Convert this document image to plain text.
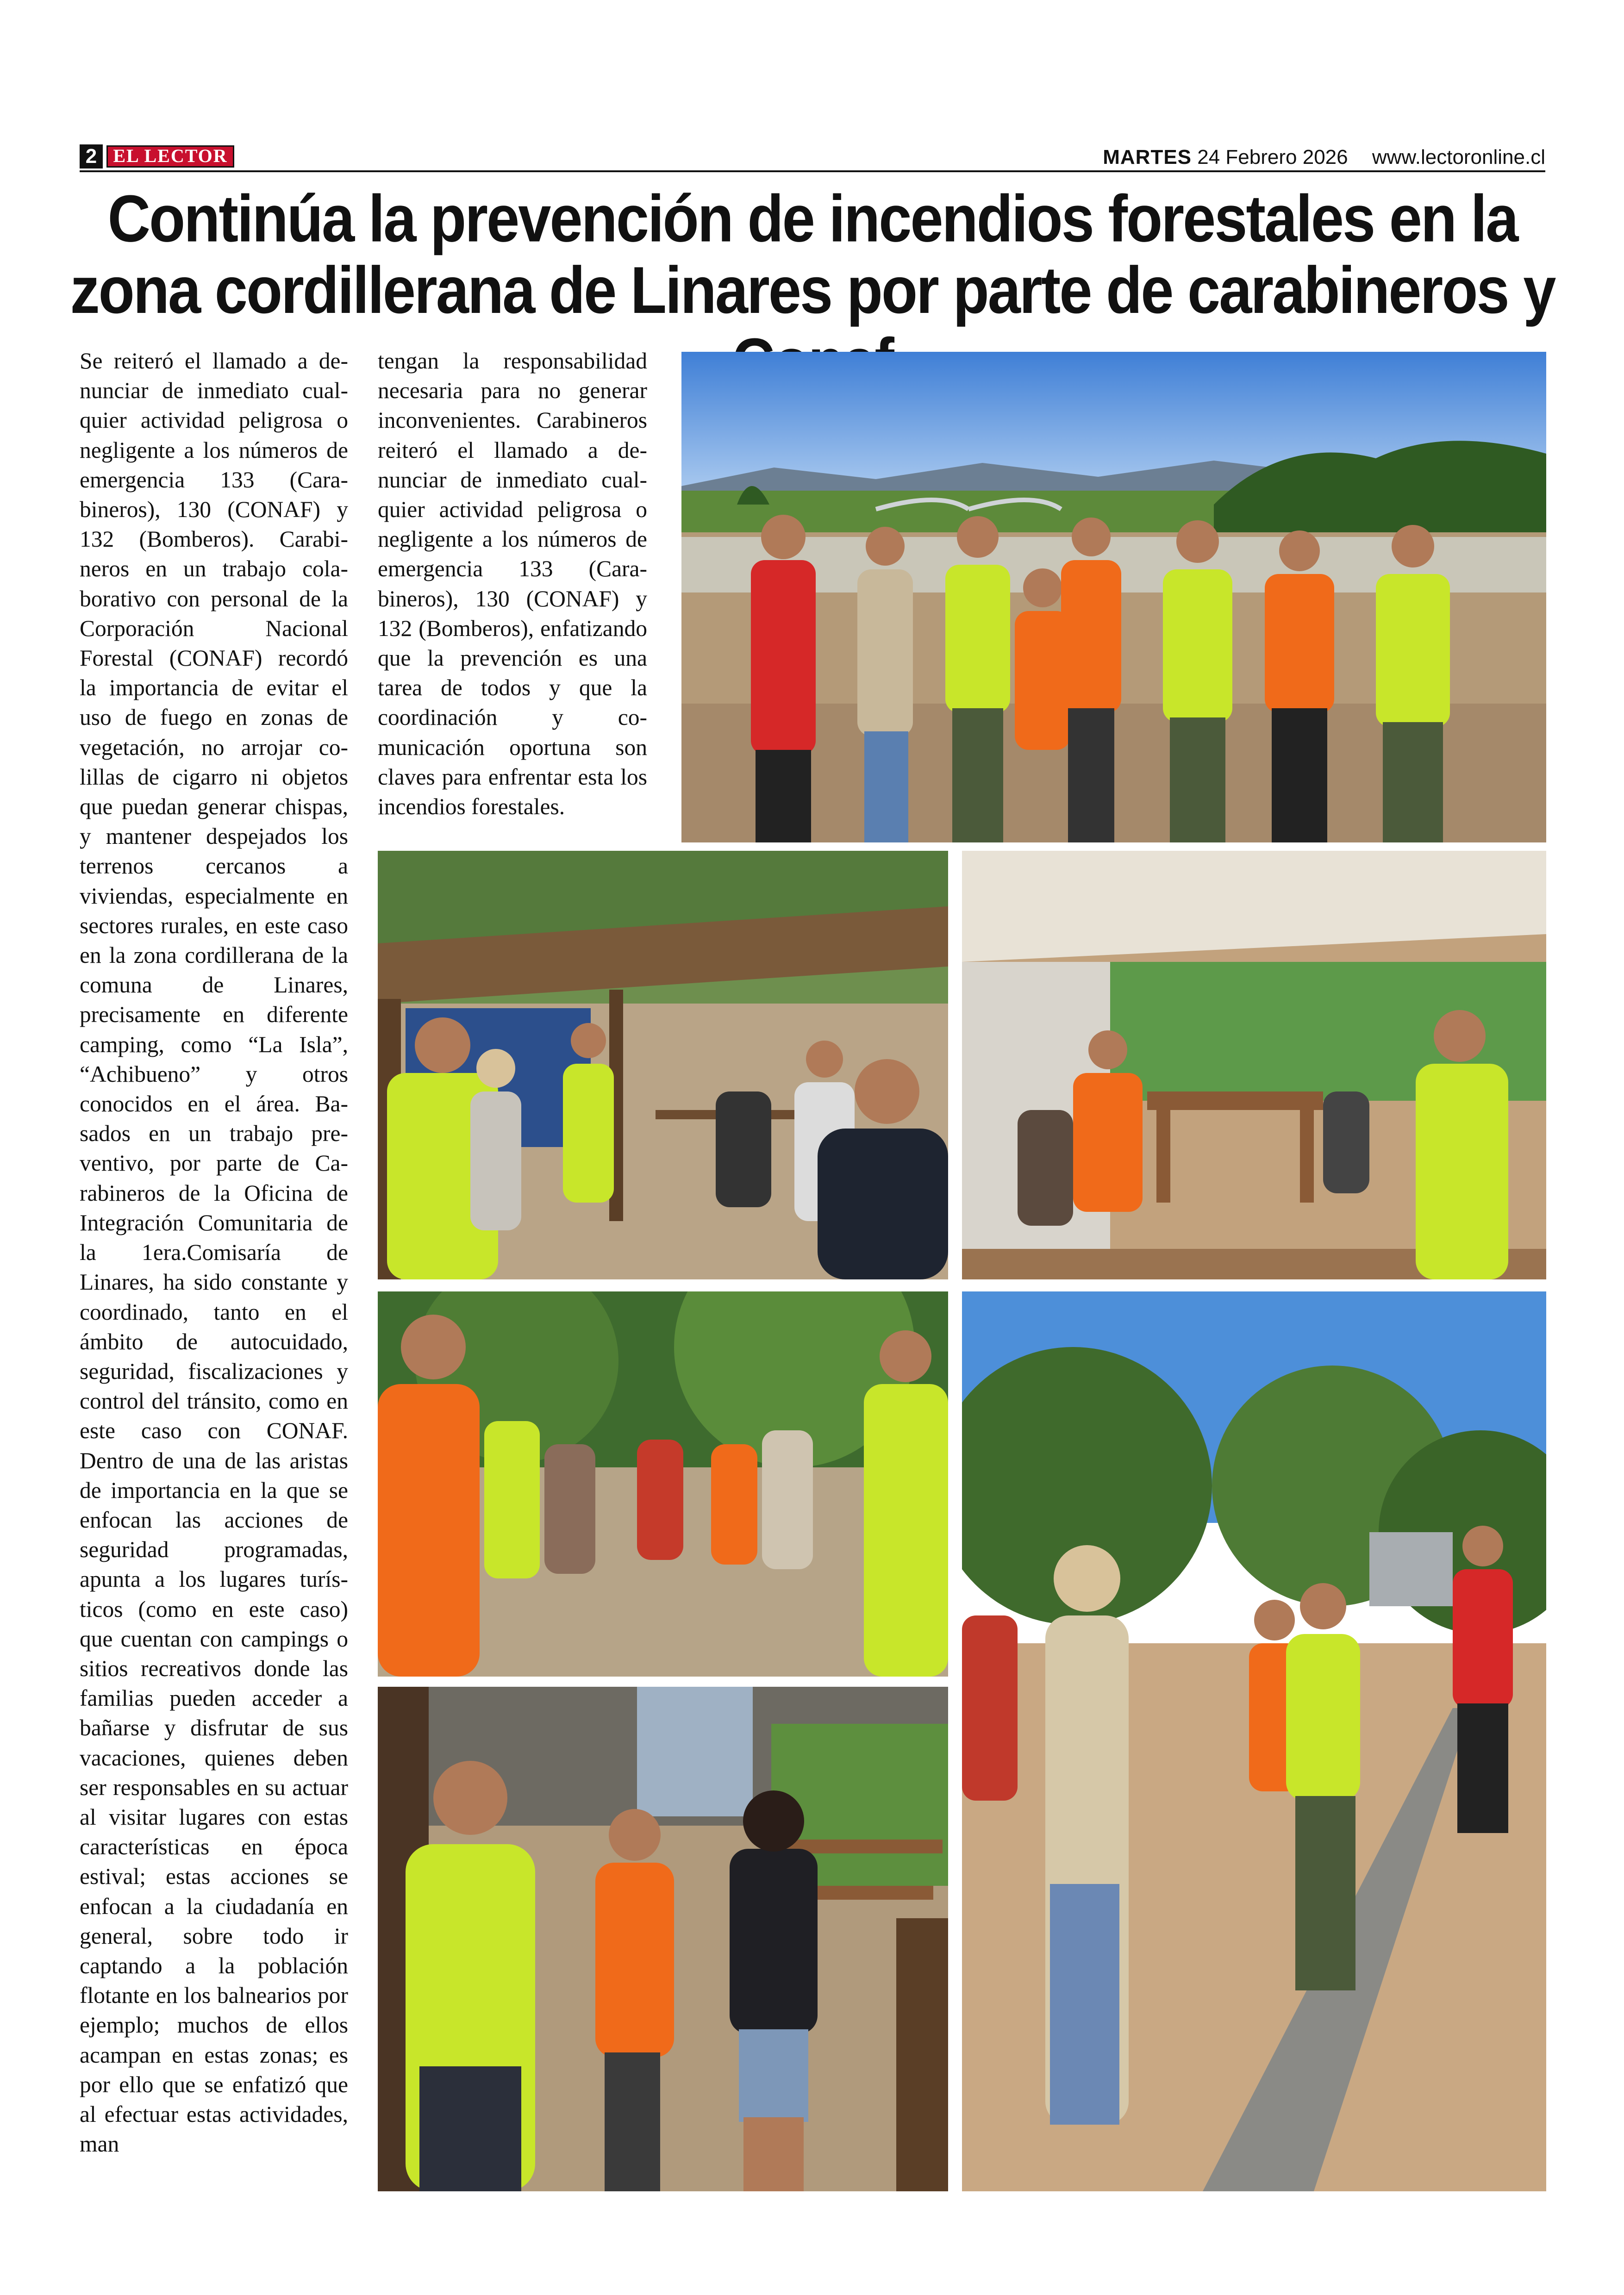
2 EL LECTOR	MARTES 24 Febrero 2026 www.lectoronline.cl
Continúa la prevención de incendios forestales en la zona cordillerana de Linares por parte de carabineros y
Se reiteró el llamado a denunciar de inmediato cualquier actividad peligrosa o negligente a los números de emergencia 133 (Carabineros), 130 (CONAF) y 132 (Bomberos). Carabineros en un trabajo colaborativo con personal de la Corporación Nacional Forestal (CONAF) recordó la importancia de evitar el uso de fuego en zonas de vegetación, no arrojar colillas de cigarro ni objetos que puedan generar chispas, y mantener despejados los terrenos cercanos a viviendas, especialmente en sectores rurales, en este caso en la zona cordillerana de la comuna de Linares, precisamente en diferente camping, como “La Isla”, “Achibueno” y otros conocidos en el área. Basados en un trabajo preventivo, por parte de Carabineros de la Oficina de Integración Comunitaria de la 1era.Comisaría de Linares, ha sido constante y coordinado, tanto en el ámbito de autocuidado, seguridad, fiscalizaciones y control del tránsito, como en este caso con CONAF. Dentro de una de las aristas de importancia en la que se enfocan las acciones de seguridad programadas, apunta a los lugares turísticos (como en este caso) que cuentan con campings o sitios recreativos donde las familias pueden acceder a bañarse y disfrutar de sus vacaciones, quienes deben ser responsables en su actuar al visitar lugares con estas características en época estival; estas acciones se enfocan a la ciudadanía en general, sobre todo ir captando a la población flotante en los balnearios por ejemplo; muchos de ellos acampan en estas zonas; es por ello que se enfatizó que al efectuar estas actividades, man
tengan la responsabilidad necesaria para no generar inconvenientes. Carabineros reiteró el llamado a denunciar de inmediato cualquier actividad peligrosa o negligente a los números de emergencia 133 (Carabineros), 130 (CONAF) y 132 (Bomberos), enfatizando que la prevención es una tarea de todos y que la coordinación y comunicación oportuna son claves para enfrentar esta los incendios forestales.
